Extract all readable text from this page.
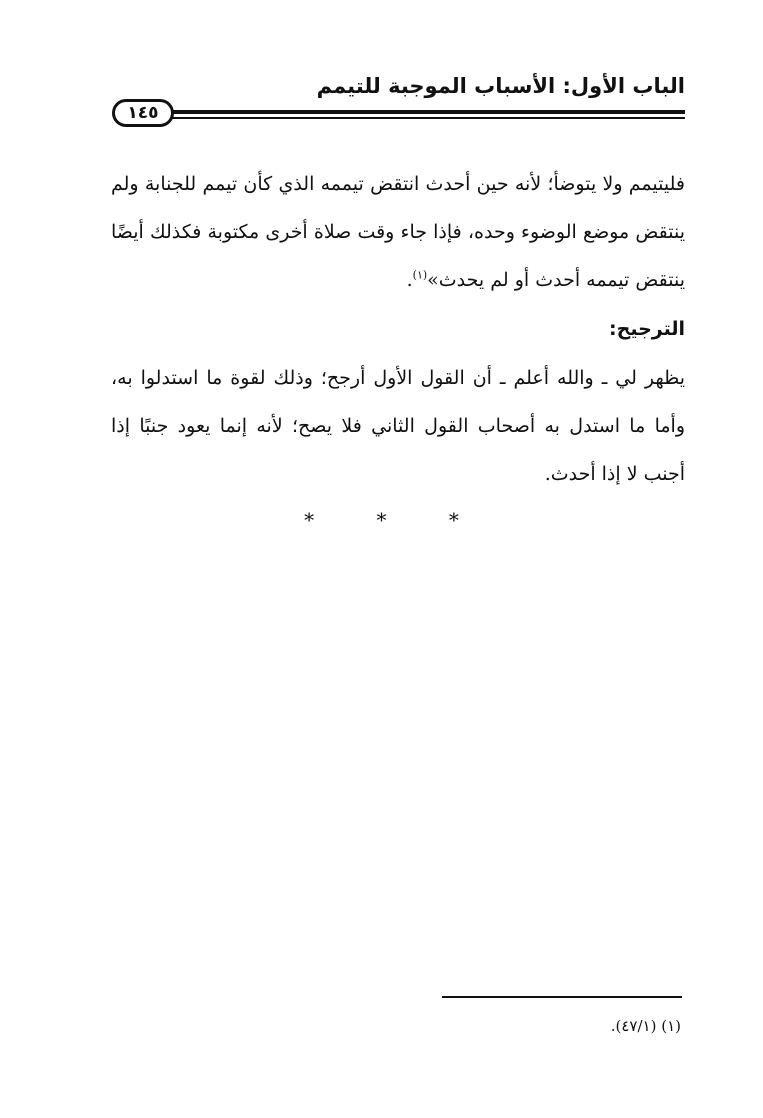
الباب الأول: الأسباب الموجبة للتيمم
١٤٥
فليتيمم ولا يتوضأ؛ لأنه حين أحدث انتقض تيممه الذي كأن تيمم للجنابة ولم ينتقض موضع الوضوء وحده، فإذا جاء وقت صلاة أخرى مكتوبة فكذلك أيضًا ينتقض تيممه أحدث أو لم يحدث»$^{(١)}$.
الترجيح:
يظهر لي ـ والله أعلم ـ أن القول الأول أرجح؛ وذلك لقوة ما استدلوا به، وأما ما استدل به أصحاب القول الثاني فلا يصح؛ لأنه إنما يعود جنبًا إذا أجنب لا إذا أحدث.
* * *
(١) (٤٧/١).
